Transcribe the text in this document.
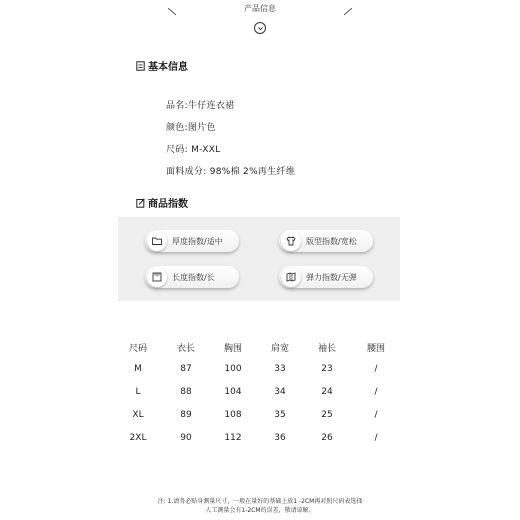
产品信息
基本信息
品名:牛仔连衣裙
颜色:图片色
尺码: M-XXL
面料成分: 98%棉 2%再生纤维
商品指数
厚度指数/适中	版型指数/宽松
长度指数/长	弹力指数/无弹
尺码	衣长	胸围	肩宽	袖长	腰围
M	87	100	33	23	/
L	88	104	34	24	/
XL	89	108	35	25	/
2XL	90	112	36	26	/
注: 1.请务必贴身测量尺寸，一般在量好的基础上放1 -2CM再对照尺码表选择
人工测量会有1-2CM的误差，敬请谅解。
